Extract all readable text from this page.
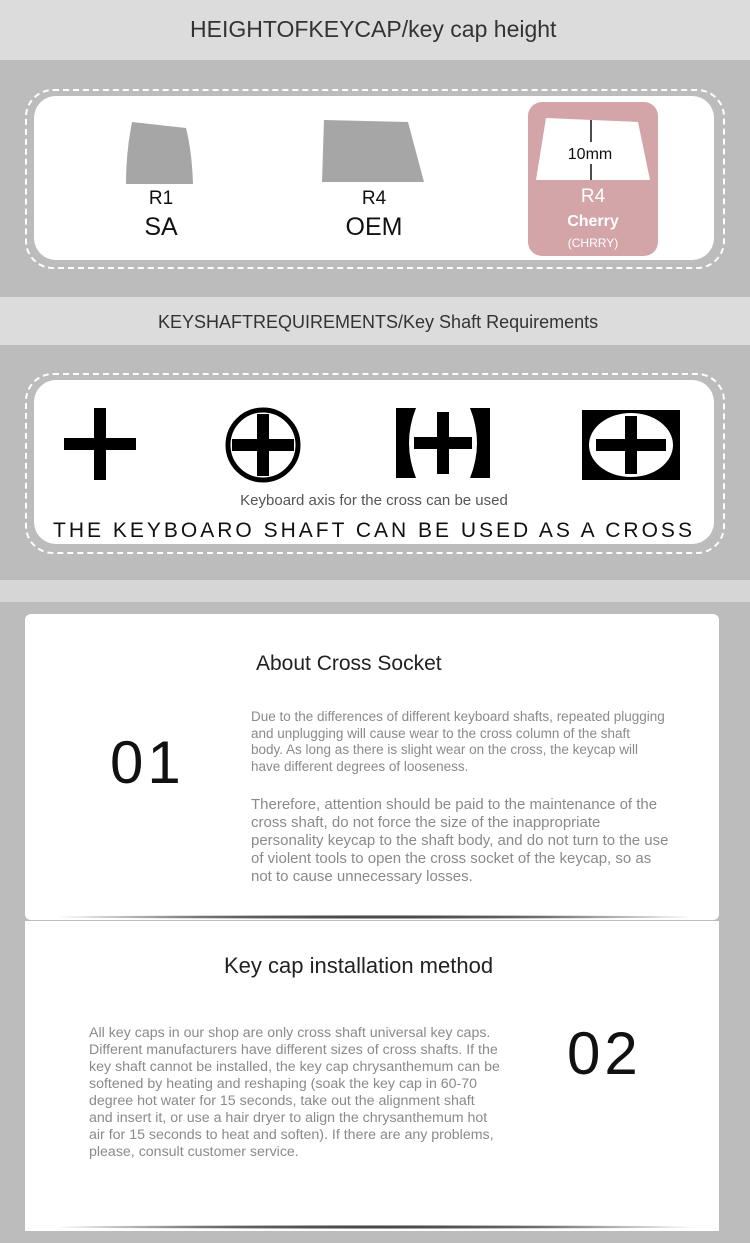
HEIGHTOFKEYCAP/key cap height
R1
SA
R4
OEM
10mm
R4
Cherry
(CHRRY)
KEYSHAFTREQUIREMENTS/Key Shaft Requirements
Keyboard axis for the cross can be used
THE KEYBOARO SHAFT CAN BE USED AS A CROSS
About Cross Socket
01
Due to the differences of different keyboard shafts, repeated plugging and unplugging will cause wear to the cross column of the shaft body. As long as there is slight wear on the cross, the keycap will have different degrees of looseness.
Therefore, attention should be paid to the maintenance of the cross shaft, do not force the size of the inappropriate personality keycap to the shaft body, and do not turn to the use of violent tools to open the cross socket of the keycap, so as not to cause unnecessary losses.
Key cap installation method
All key caps in our shop are only cross shaft universal key caps. Different manufacturers have different sizes of cross shafts. If the key shaft cannot be installed, the key cap chrysanthemum can be softened by heating and reshaping (soak the key cap in 60-70 degree hot water for 15 seconds, take out the alignment shaft and insert it, or use a hair dryer to align the chrysanthemum hot air for 15 seconds to heat and soften). If there are any problems, please, consult customer service.
02
